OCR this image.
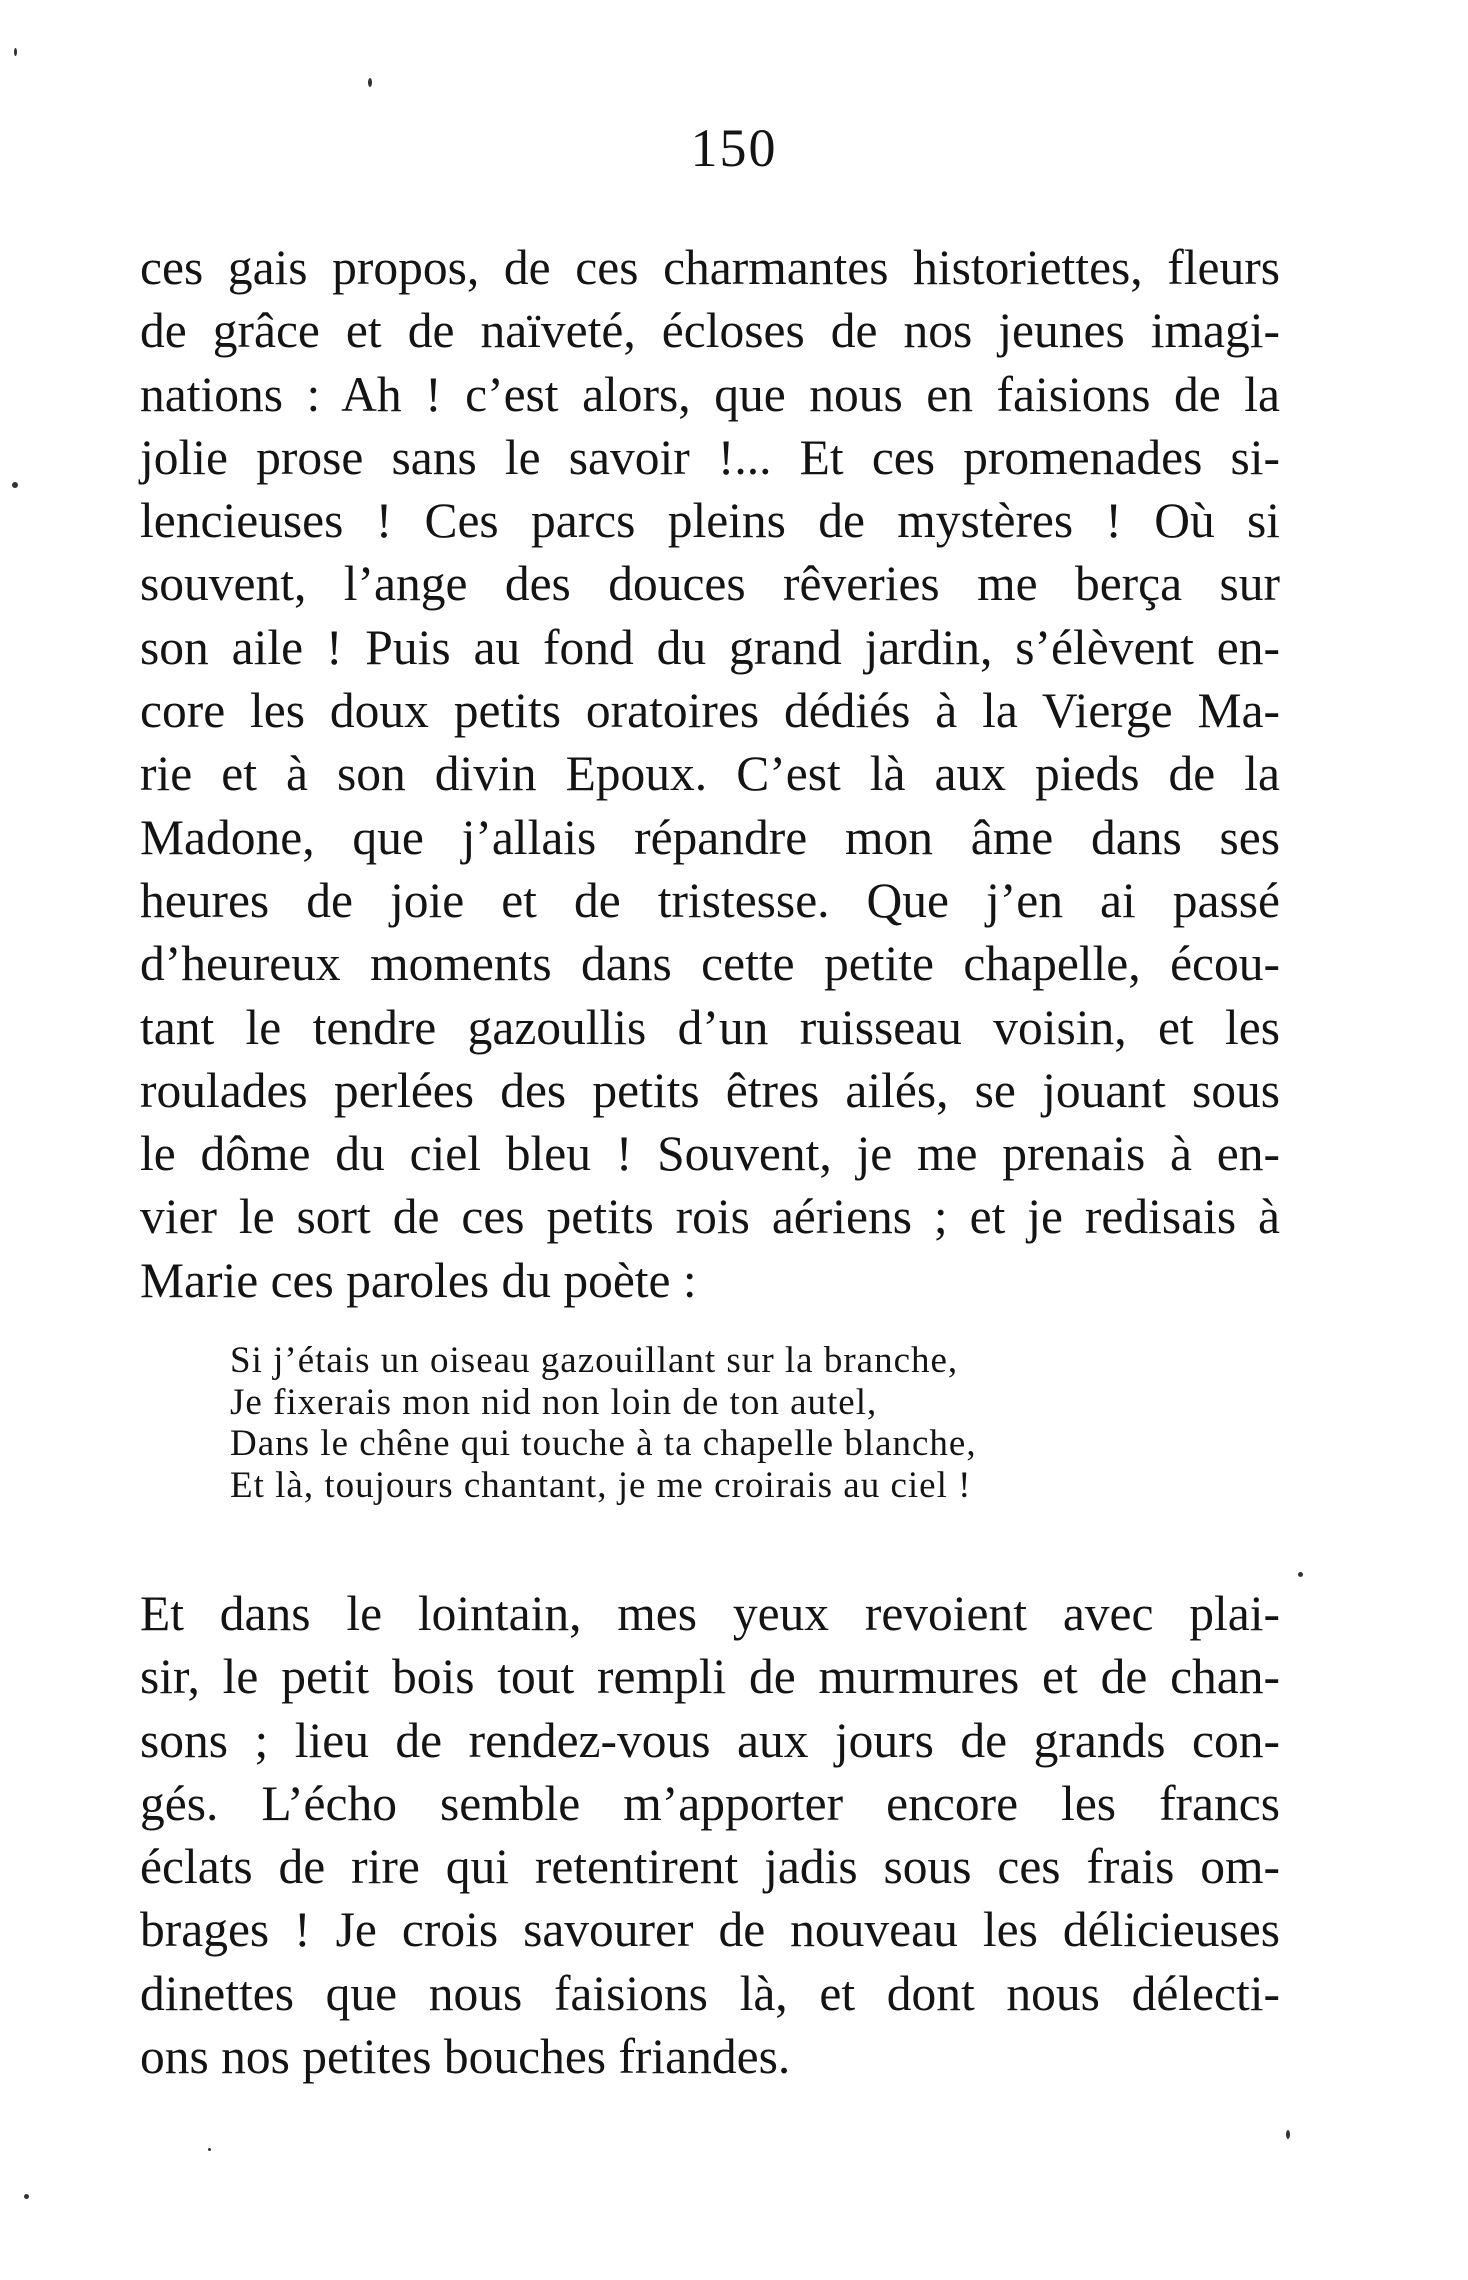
150
ces gais propos, de ces charmantes historiettes, fleurs
de grâce et de naïveté, écloses de nos jeunes imagi-
nations : Ah ! c’est alors, que nous en faisions de la
jolie prose sans le savoir !... Et ces promenades si-
lencieuses ! Ces parcs pleins de mystères ! Où si
souvent, l’ange des douces rêveries me berça sur
son aile ! Puis au fond du grand jardin, s’élèvent en-
core les doux petits oratoires dédiés à la Vierge Ma-
rie et à son divin Epoux. C’est là aux pieds de la
Madone, que j’allais répandre mon âme dans ses
heures de joie et de tristesse. Que j’en ai passé
d’heureux moments dans cette petite chapelle, écou-
tant le tendre gazoullis d’un ruisseau voisin, et les
roulades perlées des petits êtres ailés, se jouant sous
le dôme du ciel bleu ! Souvent, je me prenais à en-
vier le sort de ces petits rois aériens ; et je redisais à
Marie ces paroles du poète :
Si j’étais un oiseau gazouillant sur la branche,
Je fixerais mon nid non loin de ton autel,
Dans le chêne qui touche à ta chapelle blanche,
Et là, toujours chantant, je me croirais au ciel !
Et dans le lointain, mes yeux revoient avec plai-
sir, le petit bois tout rempli de murmures et de chan-
sons ; lieu de rendez-vous aux jours de grands con-
gés. L’écho semble m’apporter encore les francs
éclats de rire qui retentirent jadis sous ces frais om-
brages ! Je crois savourer de nouveau les délicieuses
dinettes que nous faisions là, et dont nous délecti-
ons nos petites bouches friandes.
